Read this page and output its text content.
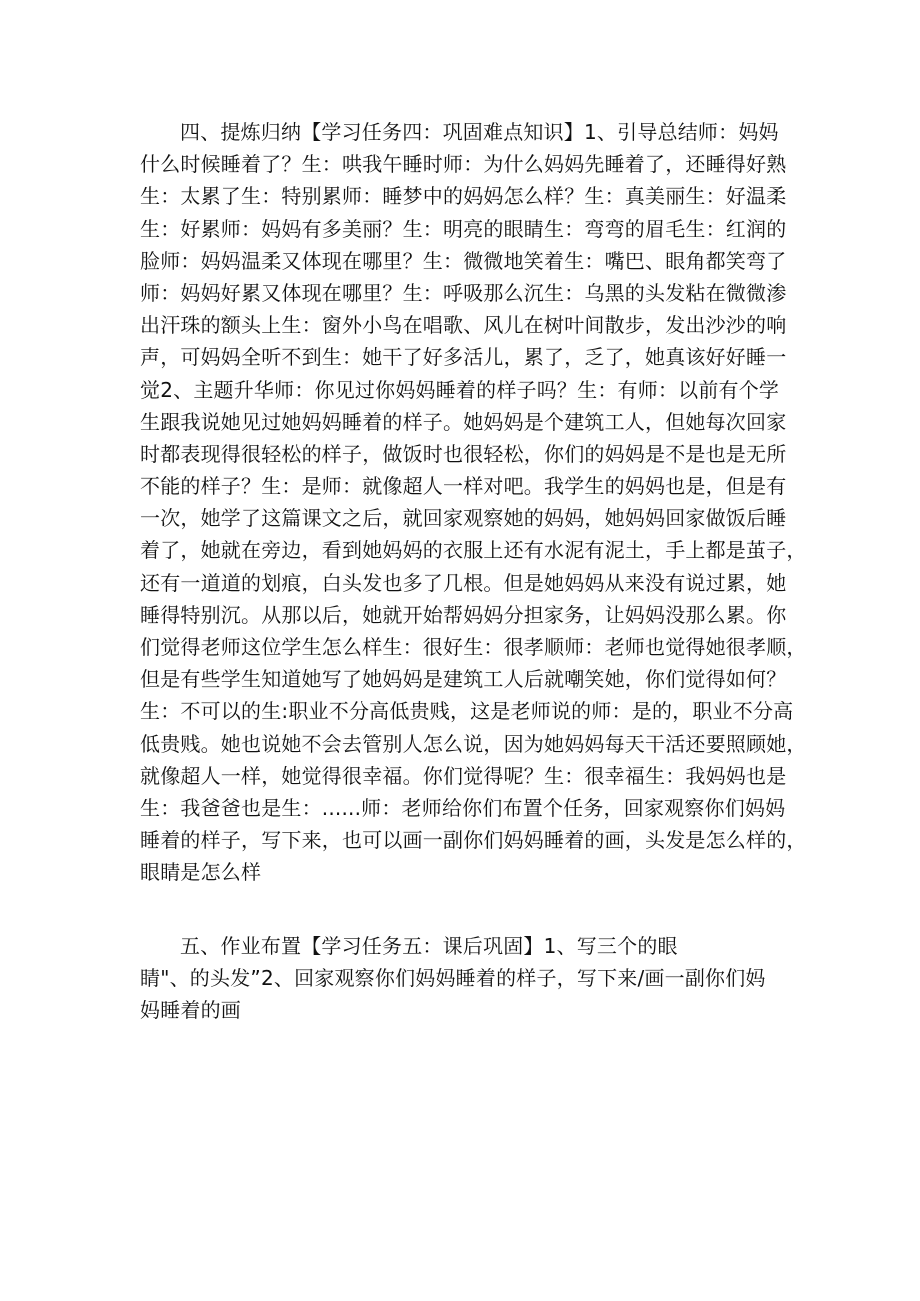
四、提炼归纳【学习任务四：巩固难点知识】1、引导总结师：妈妈
什么时候睡着了？生：哄我午睡时师：为什么妈妈先睡着了，还睡得好熟
生：太累了生：特别累师：睡梦中的妈妈怎么样？生：真美丽生：好温柔
生：好累师：妈妈有多美丽？生：明亮的眼睛生：弯弯的眉毛生：红润的
脸师：妈妈温柔又体现在哪里？生：微微地笑着生：嘴巴、眼角都笑弯了
师：妈妈好累又体现在哪里？生：呼吸那么沉生：乌黑的头发粘在微微渗
出汗珠的额头上生：窗外小鸟在唱歌、风儿在树叶间散步，发出沙沙的响
声，可妈妈全听不到生：她干了好多活儿，累了，乏了，她真该好好睡一
觉2、主题升华师：你见过你妈妈睡着的样子吗？生：有师：以前有个学
生跟我说她见过她妈妈睡着的样子。她妈妈是个建筑工人，但她每次回家
时都表现得很轻松的样子，做饭时也很轻松，你们的妈妈是不是也是无所
不能的样子？生：是师：就像超人一样对吧。我学生的妈妈也是，但是有
一次，她学了这篇课文之后，就回家观察她的妈妈，她妈妈回家做饭后睡
着了，她就在旁边，看到她妈妈的衣服上还有水泥有泥土，手上都是茧子，
还有一道道的划痕，白头发也多了几根。但是她妈妈从来没有说过累，她
睡得特别沉。从那以后，她就开始帮妈妈分担家务，让妈妈没那么累。你
们觉得老师这位学生怎么样生：很好生：很孝顺师：老师也觉得她很孝顺，
但是有些学生知道她写了她妈妈是建筑工人后就嘲笑她，你们觉得如何？
生：不可以的生:职业不分高低贵贱，这是老师说的师：是的，职业不分高
低贵贱。她也说她不会去管别人怎么说，因为她妈妈每天干活还要照顾她，
就像超人一样，她觉得很幸福。你们觉得呢？生：很幸福生：我妈妈也是
生：我爸爸也是生：......师：老师给你们布置个任务，回家观察你们妈妈
睡着的样子，写下来，也可以画一副你们妈妈睡着的画，头发是怎么样的，
眼睛是怎么样
五、作业布置【学习任务五：课后巩固】1、写三个的眼
睛"、的头发”2、回家观察你们妈妈睡着的样子，写下来/画一副你们妈
妈睡着的画
